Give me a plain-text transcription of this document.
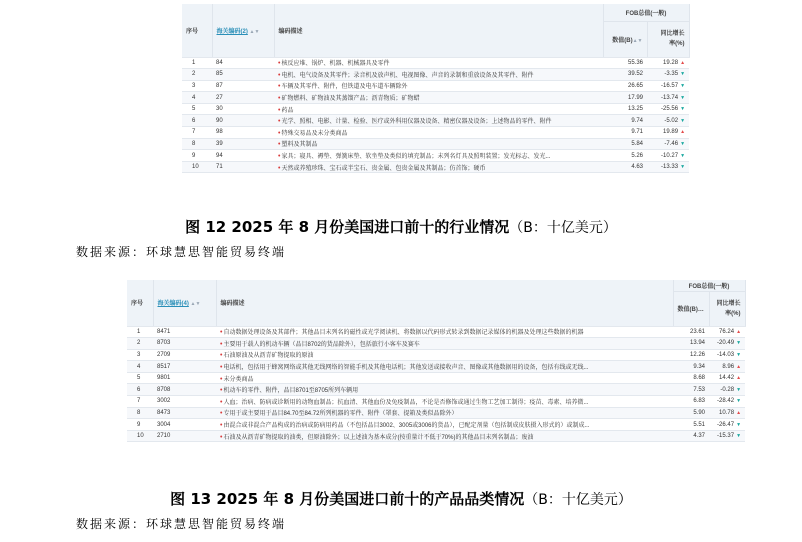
序号	海关编码(2) ▲▼	编码描述	FOB总值(一般)	
			数值(B)▲▼	同比增长
率(%)

1	84	•核反应堆、锅炉、机器、机械器具及零件	55.36	19.28 ▲
2	85	•电机、电气设备及其零件；录音机及放声机、电视图像、声音的录制和重放设备及其零件、附件	39.52	-3.35 ▼
3	87	•车辆及其零件、附件，但铁道及电车道车辆除外	26.65	-16.57 ▼
4	27	•矿物燃料、矿物油及其蒸馏产品；沥青物质；矿物蜡	17.99	-13.74 ▼
5	30	•药品	13.25	-25.56 ▼
6	90	•光学、照相、电影、计量、检验、医疗或外科用仪器及设备、精密仪器及设备；上述物品的零件、附件	9.74	-5.02 ▼
7	98	•特殊交易品及未分类商品	9.71	19.89 ▲
8	39	•塑料及其制品	5.84	-7.46 ▼
9	94	•家具；寝具、褥垫、弹簧床垫、软坐垫及类似的填充制品；未列名灯具及照明装置；发光标志、发光...	5.26	-10.27 ▼
10	71	•天然或养殖珍珠、宝石或半宝石、贵金属、包贵金属及其制品；仿首饰；硬币	4.63	-13.33 ▼
图 12 2025 年 8 月份美国进口前十的行业情况（B：十亿美元）
数据来源：环球慧思智能贸易终端
序号	海关编码(4) ▲▼	编码描述	FOB总值(一般)	
			数值(B)▲▼	同比增长
率(%)

1	8471	•自动数据处理设备及其部件；其他品目未列名的磁性或光学阅读机、将数据以代码形式转录到数据记录媒体的机器及处理这些数据的机器	23.61	76.24 ▲
2	8703	•主要用于载人的机动车辆（品目8702的货品除外），包括旅行小客车及赛车	13.94	-20.49 ▼
3	2709	•石油原油及从沥青矿物提取的原油	12.26	-14.03 ▼
4	8517	•电话机，包括用于蜂窝网络或其他无线网络的智能手机及其他电话机；其他发送或接收声音、图像或其他数据用的设备，包括有线或无线...	9.34	8.96 ▲
5	9801	•未分类商品	8.68	14.42 ▲
6	8708	•机动车的零件、附件，品目8701至8705所列车辆用	7.53	-0.28 ▼
7	3002	•人血；治病、防病或诊断用的动物血制品；抗血清、其他血份及免疫制品，不论是否修饰或通过生物工艺加工制得；疫苗、毒素、培养微...	6.83	-28.42 ▼
8	8473	•专用于或主要用于品目84.70至84.72所列机器的零件、附件（罩套、提箱及类似品除外）	5.90	10.78 ▲
9	3004	•由混合或非混合产品构成的治病或防病用药品（不包括品目3002、3005或3006的货品），已配定剂量（包括制成皮肤摄入形式的）或制成...	5.51	-26.47 ▼
10	2710	•石油及从沥青矿物提取的油类，但原油除外；以上述油为基本成分(按重量计不低于70%)的其他品目未列名制品；废油	4.37	-15.37 ▼
图 13 2025 年 8 月份美国进口前十的产品品类情况（B：十亿美元）
数据来源：环球慧思智能贸易终端
